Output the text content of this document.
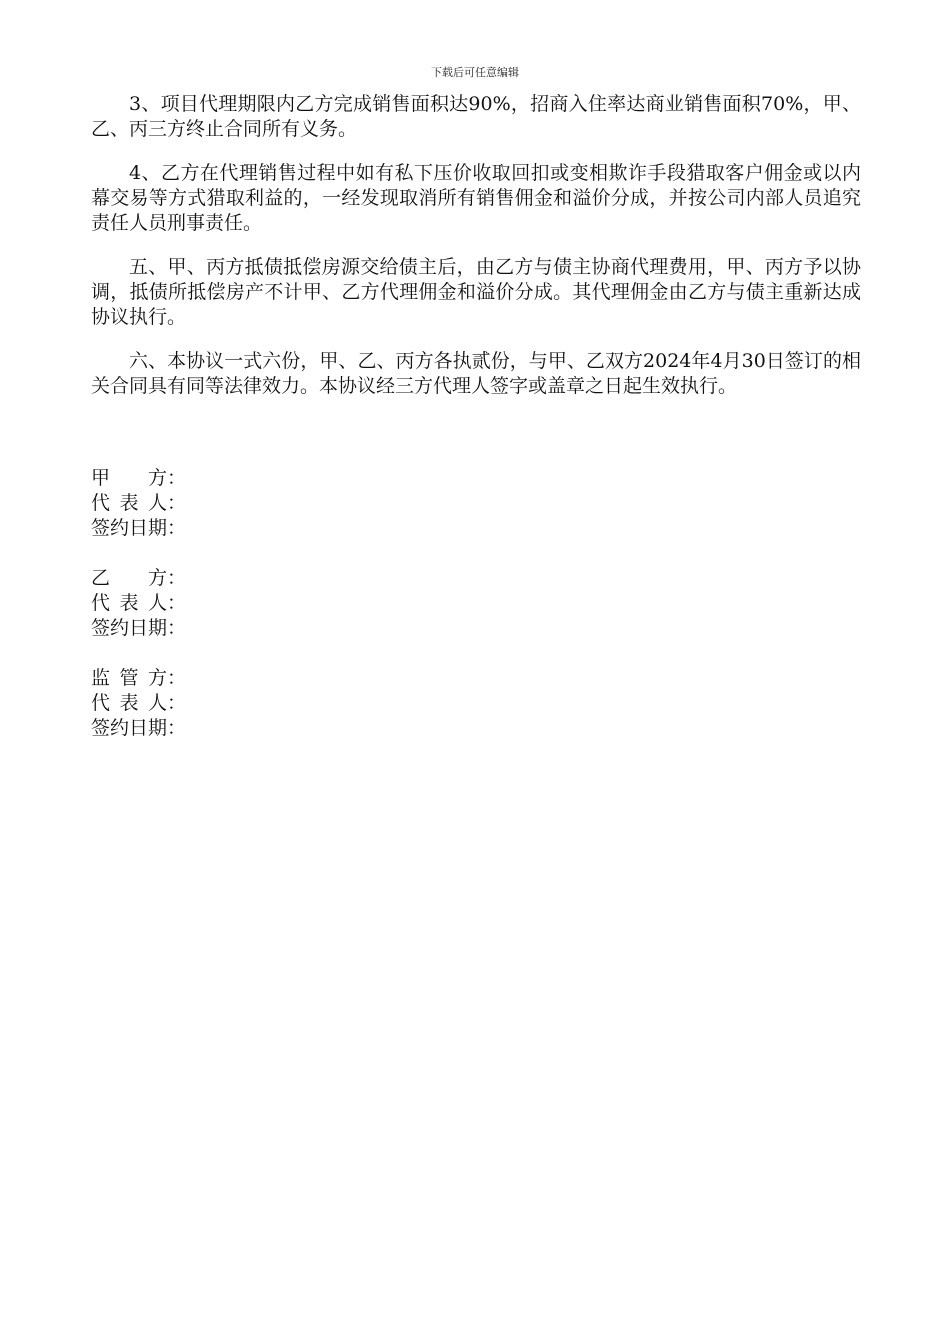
下载后可任意编辑

3、项目代理期限内乙方完成销售面积达90%，招商入住率达商业销售面积70%，甲、乙、丙三方终止合同所有义务。

4、乙方在代理销售过程中如有私下压价收取回扣或变相欺诈手段猎取客户佣金或以内幕交易等方式猎取利益的，一经发现取消所有销售佣金和溢价分成，并按公司内部人员追究责任人员刑事责任。

五、甲、丙方抵债抵偿房源交给债主后，由乙方与债主协商代理费用，甲、丙方予以协调，抵债所抵偿房产不计甲、乙方代理佣金和溢价分成。其代理佣金由乙方与债主重新达成协议执行。

六、本协议一式六份，甲、乙、丙方各执贰份，与甲、乙双方2024年4月30日签订的相关合同具有同等法律效力。本协议经三方代理人签字或盖章之日起生效执行。

甲方 ：
代表人 ：
签约日期 ：
乙方 ：
代表人 ：
签约日期 ：
监管方 ：
代表人 ：
签约日期 ：
